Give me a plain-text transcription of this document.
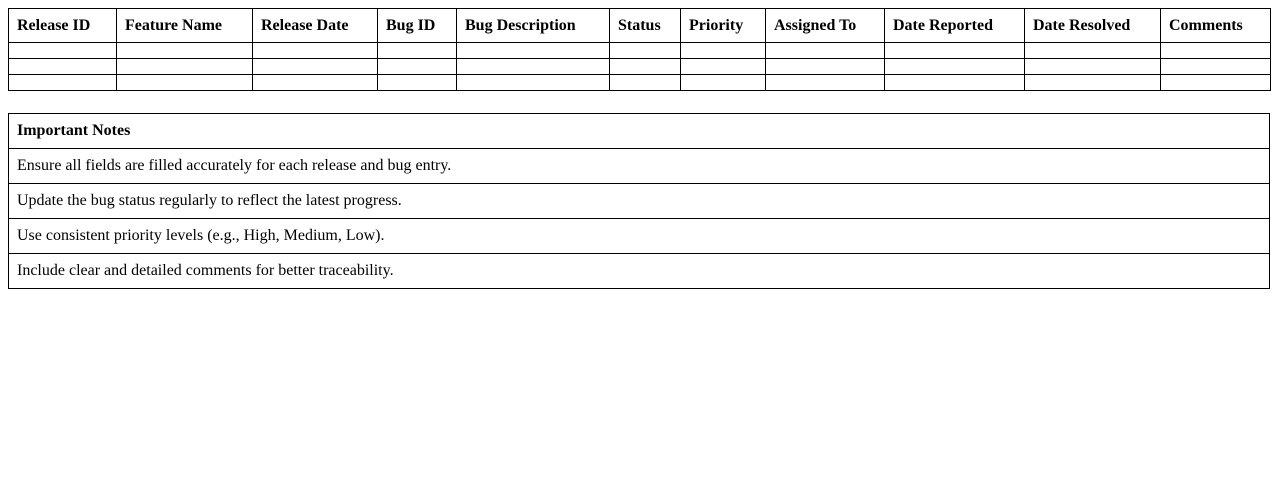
Release ID	Feature Name	Release Date	Bug ID	Bug Description	Status	Priority	Assigned To	Date Reported	Date Resolved	Comments

Important Notes
Ensure all fields are filled accurately for each release and bug entry.
Update the bug status regularly to reflect the latest progress.
Use consistent priority levels (e.g., High, Medium, Low).
Include clear and detailed comments for better traceability.
